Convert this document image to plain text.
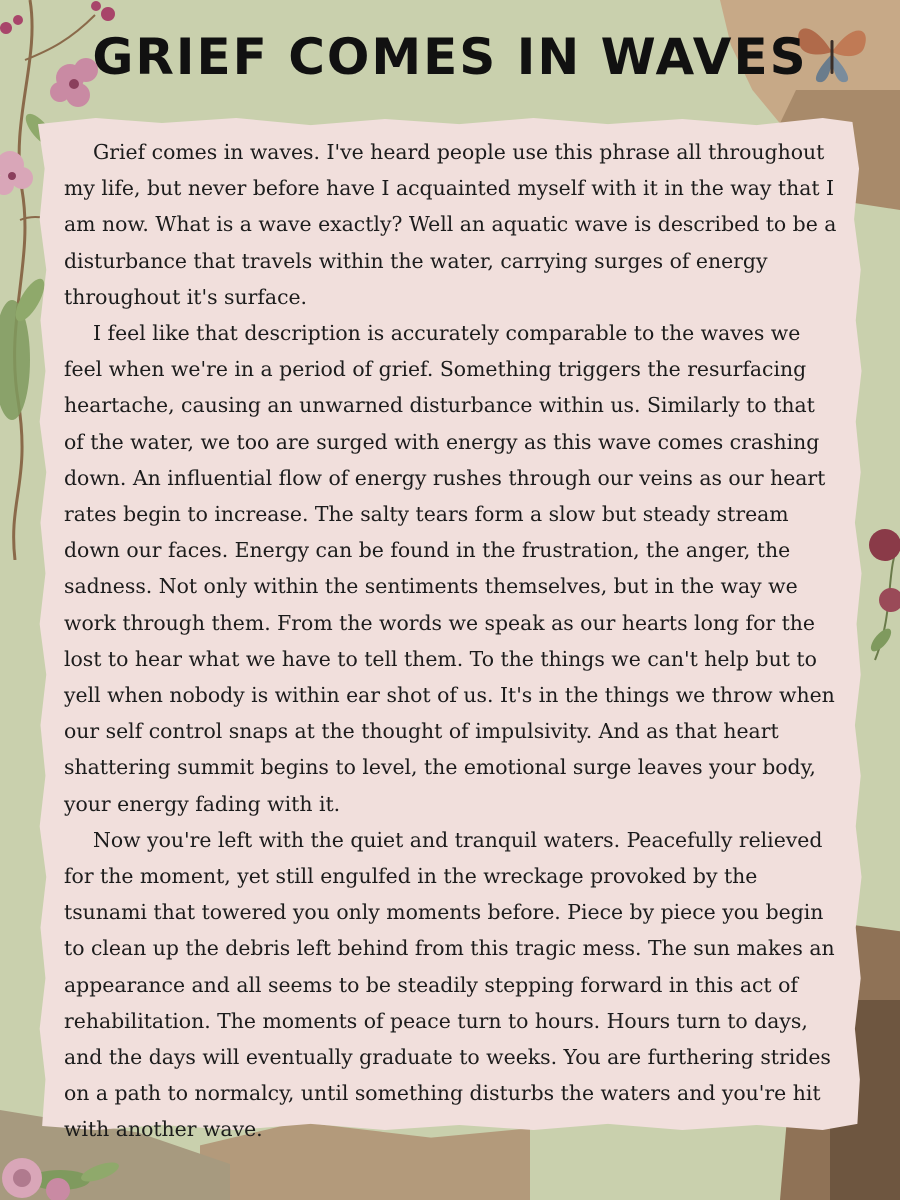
GRIEF COMES IN WAVES

Grief comes in waves. I've heard people use this phrase all throughout my life, but never before have I acquainted myself with it in the way that I am now. What is a wave exactly? Well an aquatic wave is described to be a disturbance that travels within the water, carrying surges of energy throughout it's surface.

I feel like that description is accurately comparable to the waves we feel when we're in a period of grief. Something triggers the resurfacing heartache, causing an unwarned disturbance within us. Similarly to that of the water, we too are surged with energy as this wave comes crashing down. An influential flow of energy rushes through our veins as our heart rates begin to increase. The salty tears form a slow but steady stream down our faces. Energy can be found in the frustration, the anger, the sadness. Not only within the sentiments themselves, but in the way we work through them. From the words we speak as our hearts long for the lost to hear what we have to tell them. To the things we can't help but to yell when nobody is within ear shot of us. It's in the things we throw when our self control snaps at the thought of impulsivity. And as that heart shattering summit begins to level, the emotional surge leaves your body, your energy fading with it.

Now you're left with the quiet and tranquil waters. Peacefully relieved for the moment, yet still engulfed in the wreckage provoked by the tsunami that towered you only moments before. Piece by piece you begin to clean up the debris left behind from this tragic mess. The sun makes an appearance and all seems to be steadily stepping forward in this act of rehabilitation. The moments of peace turn to hours. Hours turn to days, and the days will eventually graduate to weeks. You are furthering strides on a path to normalcy, until something disturbs the waters and you're hit with another wave.
